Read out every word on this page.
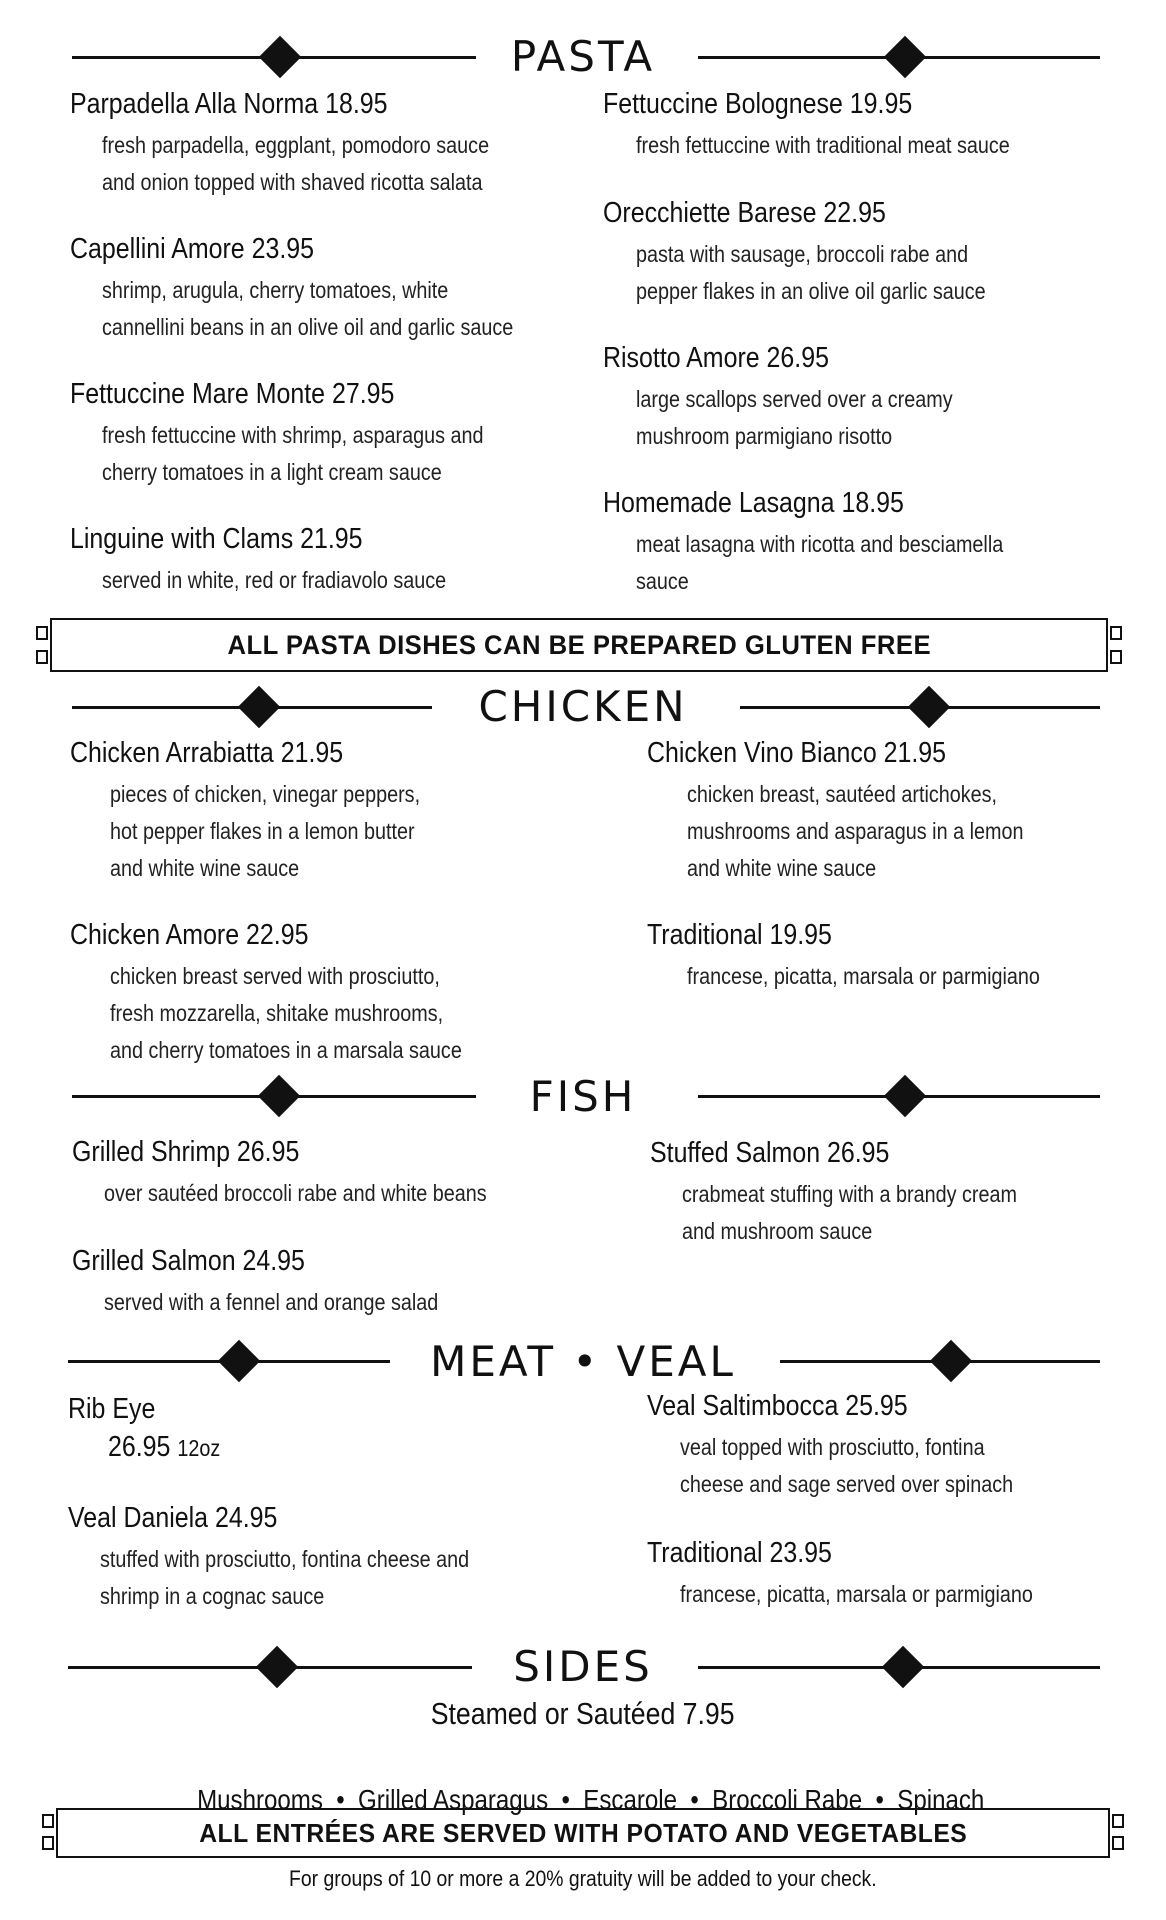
PASTA
Parpadella Alla Norma 18.95
fresh parpadella, eggplant, pomodoro sauce
and onion topped with shaved ricotta salata
Capellini Amore 23.95
shrimp, arugula, cherry tomatoes, white
cannellini beans in an olive oil and garlic sauce
Fettuccine Mare Monte 27.95
fresh fettuccine with shrimp, asparagus and
cherry tomatoes in a light cream sauce
Linguine with Clams 21.95
served in white, red or fradiavolo sauce
Fettuccine Bolognese 19.95
fresh fettuccine with traditional meat sauce
Orecchiette Barese 22.95
pasta with sausage, broccoli rabe and
pepper flakes in an olive oil garlic sauce
Risotto Amore 26.95
large scallops served over a creamy
mushroom parmigiano risotto
Homemade Lasagna 18.95
meat lasagna with ricotta and besciamella
sauce
ALL PASTA DISHES CAN BE PREPARED GLUTEN FREE
CHICKEN
Chicken Arrabiatta 21.95
pieces of chicken, vinegar peppers,
hot pepper flakes in a lemon butter
and white wine sauce
Chicken Amore 22.95
chicken breast served with prosciutto,
fresh mozzarella, shitake mushrooms,
and cherry tomatoes in a marsala sauce
Chicken Vino Bianco 21.95
chicken breast, sautéed artichokes,
mushrooms and asparagus in a lemon
and white wine sauce
Traditional 19.95
francese, picatta, marsala or parmigiano
FISH
Grilled Shrimp 26.95
over sautéed broccoli rabe and white beans
Grilled Salmon 24.95
served with a fennel and orange salad
Stuffed Salmon 26.95
crabmeat stuffing with a brandy cream
and mushroom sauce
MEAT • VEAL
Rib Eye
26.95 12oz
Veal Daniela 24.95
stuffed with prosciutto, fontina cheese and
shrimp in a cognac sauce
Veal Saltimbocca 25.95
veal topped with prosciutto, fontina
cheese and sage served over spinach
Traditional 23.95
francese, picatta, marsala or parmigiano
SIDES
Steamed or Sautéed 7.95

Mushrooms  •  Grilled Asparagus  •  Escarole  •  Broccoli Rabe  •  Spinach

ALL ENTRÉES ARE SERVED WITH POTATO AND VEGETABLES
For groups of 10 or more a 20% gratuity will be added to your check.
